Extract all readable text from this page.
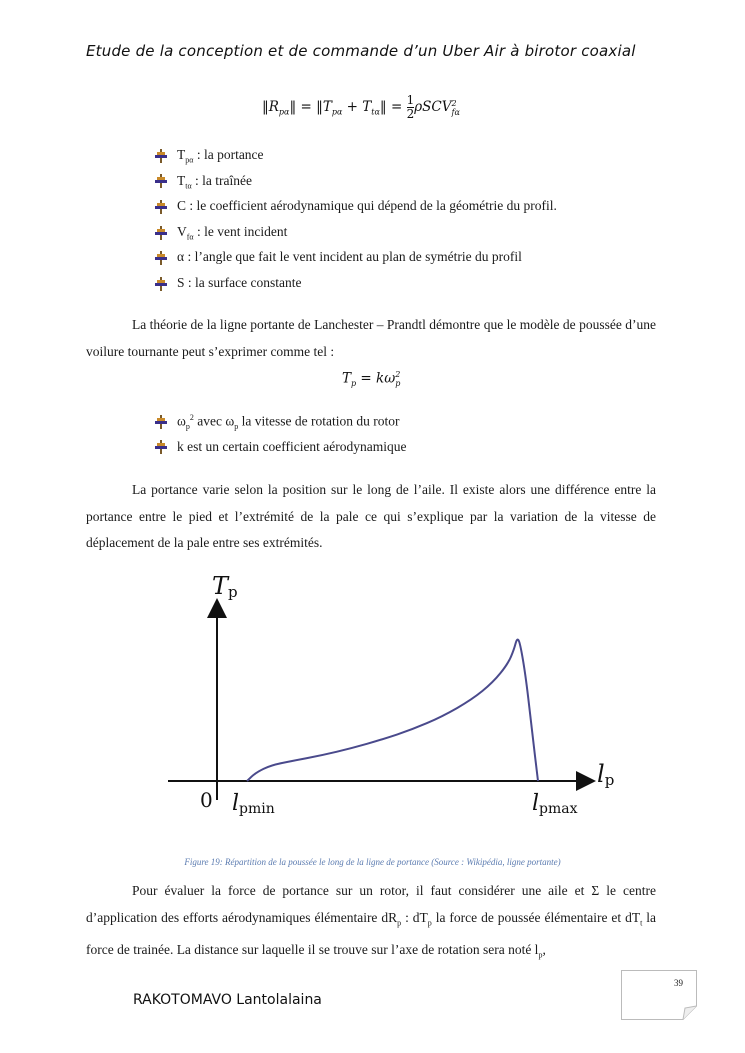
Etude de la conception et de commande d’un Uber Air à birotor coaxial
$‖R_{p\alpha}‖$ = $‖T_{p\alpha}$ + $T_{t\alpha}‖ = \frac{1}{2}$ ρSCV 2
fα
$T_{p\alpha}$ : la portance
$T_{t\alpha}$ : la traînée
C : le coefficient aérodynamique qui dépend de la géométrie du profil.
$V_{f\alpha}$ : le vent incident
α : l’angle que fait le vent incident au plan de symétrie du profil
S : la surface constante

La théorie de la ligne portante de Lanchester – Prandtl démontre que le modèle de poussée d’une voilure tournante peut s’exprimer comme tel :

$T_p = k\omega$ 2
p
$\omega_p^2$ avec $\omega_p$ la vitesse de rotation du rotor
k est un certain coefficient aérodynamique

La portance varie selon la position sur le long de l’aile. Il existe alors une différence entre la portance entre le pied et l’extrémité de la pale ce qui s’explique par la variation de la vitesse de déplacement de la pale entre ses extrémités.

Tp
lp
0 lpmin	lpmax
Figure 19: Répartition de la poussée le long de la ligne de portance (Source : Wikipédia, ligne portante)

Pour évaluer la force de portance sur un rotor, il faut considérer une aile et Σ le centre d’application des efforts aérodynamiques élémentaire $dR_p$ : $dT_p$ la force de poussée élémentaire et $dT_t$ la force de trainée. La distance sur laquelle il se trouve sur l’axe de rotation sera noté $l_p$,

39
RAKOTOMAVO Lantolalaina
